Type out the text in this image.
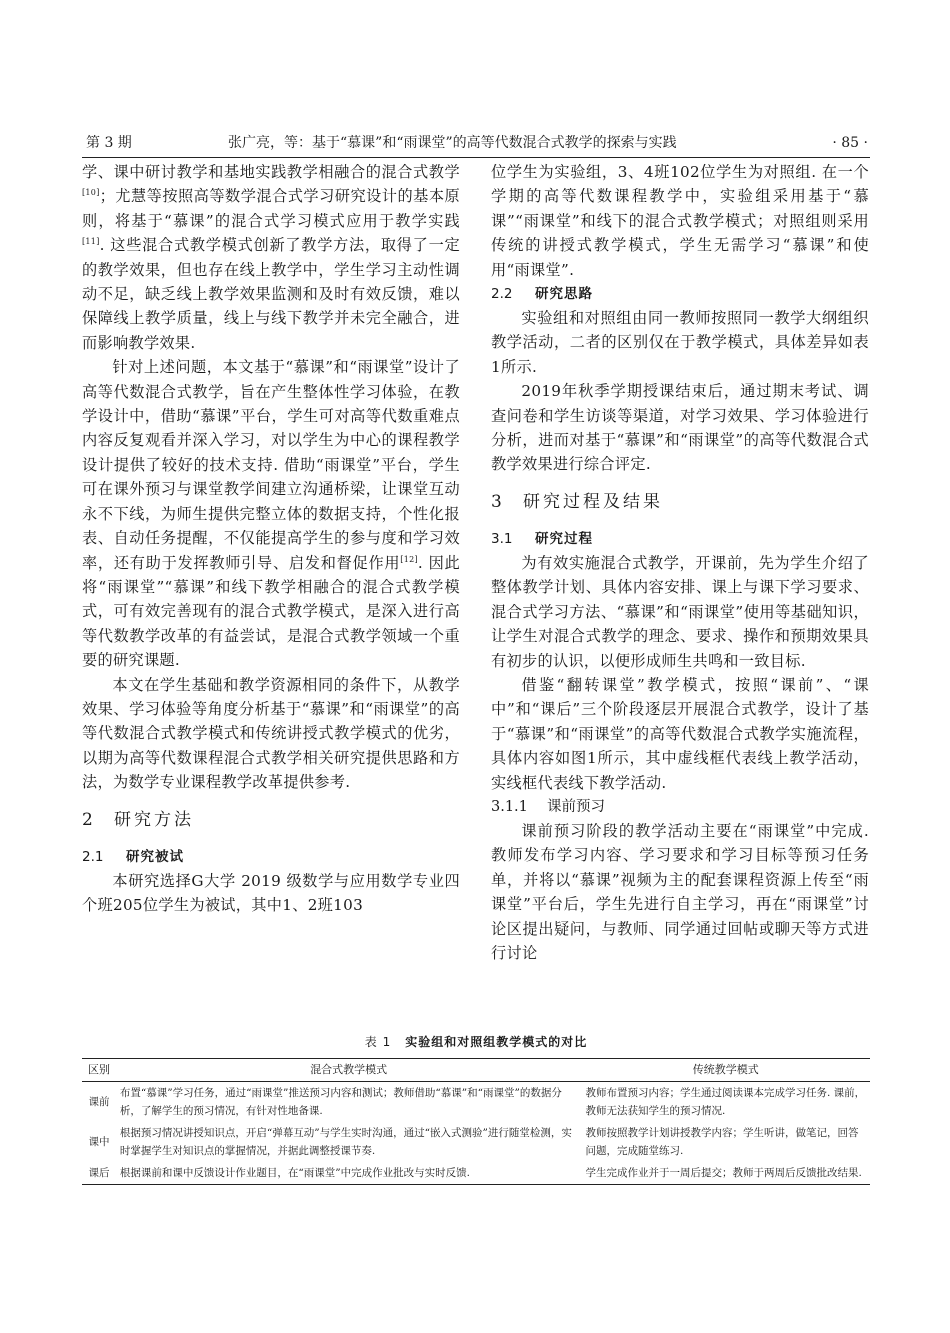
第 3 期	张广亮，等：基于“慕课”和“雨课堂”的高等代数混合式教学的探索与实践	· 85 ·

学、课中研讨教学和基地实践教学相融合的混合式教学[10]；尤慧等按照高等数学混合式学习研究设计的基本原则，将基于“慕课”的混合式学习模式应用于教学实践[11]. 这些混合式教学模式创新了教学方法，取得了一定的教学效果，但也存在线上教学中，学生学习主动性调动不足，缺乏线上教学效果监测和及时有效反馈，难以保障线上教学质量，线上与线下教学并未完全融合，进而影响教学效果.

针对上述问题，本文基于“慕课”和“雨课堂”设计了高等代数混合式教学，旨在产生整体性学习体验，在教学设计中，借助“慕课”平台，学生可对高等代数重难点内容反复观看并深入学习，对以学生为中心的课程教学设计提供了较好的技术支持. 借助“雨课堂”平台，学生可在课外预习与课堂教学间建立沟通桥梁，让课堂互动永不下线，为师生提供完整立体的数据支持，个性化报表、自动任务提醒，不仅能提高学生的参与度和学习效率，还有助于发挥教师引导、启发和督促作用[12]. 因此将“雨课堂”“慕课”和线下教学相融合的混合式教学模式，可有效完善现有的混合式教学模式，是深入进行高等代数教学改革的有益尝试，是混合式教学领域一个重要的研究课题.

本文在学生基础和教学资源相同的条件下，从教学效果、学习体验等角度分析基于“慕课”和“雨课堂”的高等代数混合式教学模式和传统讲授式教学模式的优劣，以期为高等代数课程混合式教学相关研究提供思路和方法，为数学专业课程教学改革提供参考.

2 研究方法
2.1 研究被试

本研究选择G大学 2019 级数学与应用数学专业四个班205位学生为被试，其中1、2班103

位学生为实验组，3、4班102位学生为对照组. 在一个学期的高等代数课程教学中，实验组采用基于“慕课”“雨课堂”和线下的混合式教学模式；对照组则采用传统的讲授式教学模式，学生无需学习“慕课”和使用“雨课堂”.

2.2 研究思路

实验组和对照组由同一教师按照同一教学大纲组织教学活动，二者的区别仅在于教学模式，具体差异如表1所示.

2019年秋季学期授课结束后，通过期末考试、调查问卷和学生访谈等渠道，对学习效果、学习体验进行分析，进而对基于“慕课”和“雨课堂”的高等代数混合式教学效果进行综合评定.

3 研究过程及结果
3.1 研究过程

为有效实施混合式教学，开课前，先为学生介绍了整体教学计划、具体内容安排、课上与课下学习要求、混合式学习方法、“慕课”和“雨课堂”使用等基础知识，让学生对混合式教学的理念、要求、操作和预期效果具有初步的认识，以便形成师生共鸣和一致目标.

借鉴“翻转课堂”教学模式，按照“课前”、“课中”和“课后”三个阶段逐层开展混合式教学，设计了基于“慕课”和“雨课堂”的高等代数混合式教学实施流程，具体内容如图1所示，其中虚线框代表线上教学活动，实线框代表线下教学活动.

3.1.1 课前预习

课前预习阶段的教学活动主要在“雨课堂”中完成. 教师发布学习内容、学习要求和学习目标等预习任务单，并将以“慕课”视频为主的配套课程资源上传至“雨课堂”平台后，学生先进行自主学习，再在“雨课堂”讨论区提出疑问，与教师、同学通过回帖或聊天等方式进行讨论

表 1 实验组和对照组教学模式的对比
区别	混合式教学模式	传统教学模式
课前	布置“慕课”学习任务，通过“雨课堂”推送预习内容和测试；教师借助“慕课”和“雨课堂”的数据分析，了解学生的预习情况，有针对性地备课.	教师布置预习内容；学生通过阅读课本完成学习任务. 课前，教师无法获知学生的预习情况.
课中	根据预习情况讲授知识点，开启“弹幕互动”与学生实时沟通，通过“嵌入式测验”进行随堂检测，实时掌握学生对知识点的掌握情况，并据此调整授课节奏.	教师按照教学计划讲授教学内容；学生听讲，做笔记，回答问题，完成随堂练习.
课后	根据课前和课中反馈设计作业题目，在“雨课堂”中完成作业批改与实时反馈.	学生完成作业并于一周后提交；教师于两周后反馈批改结果.
